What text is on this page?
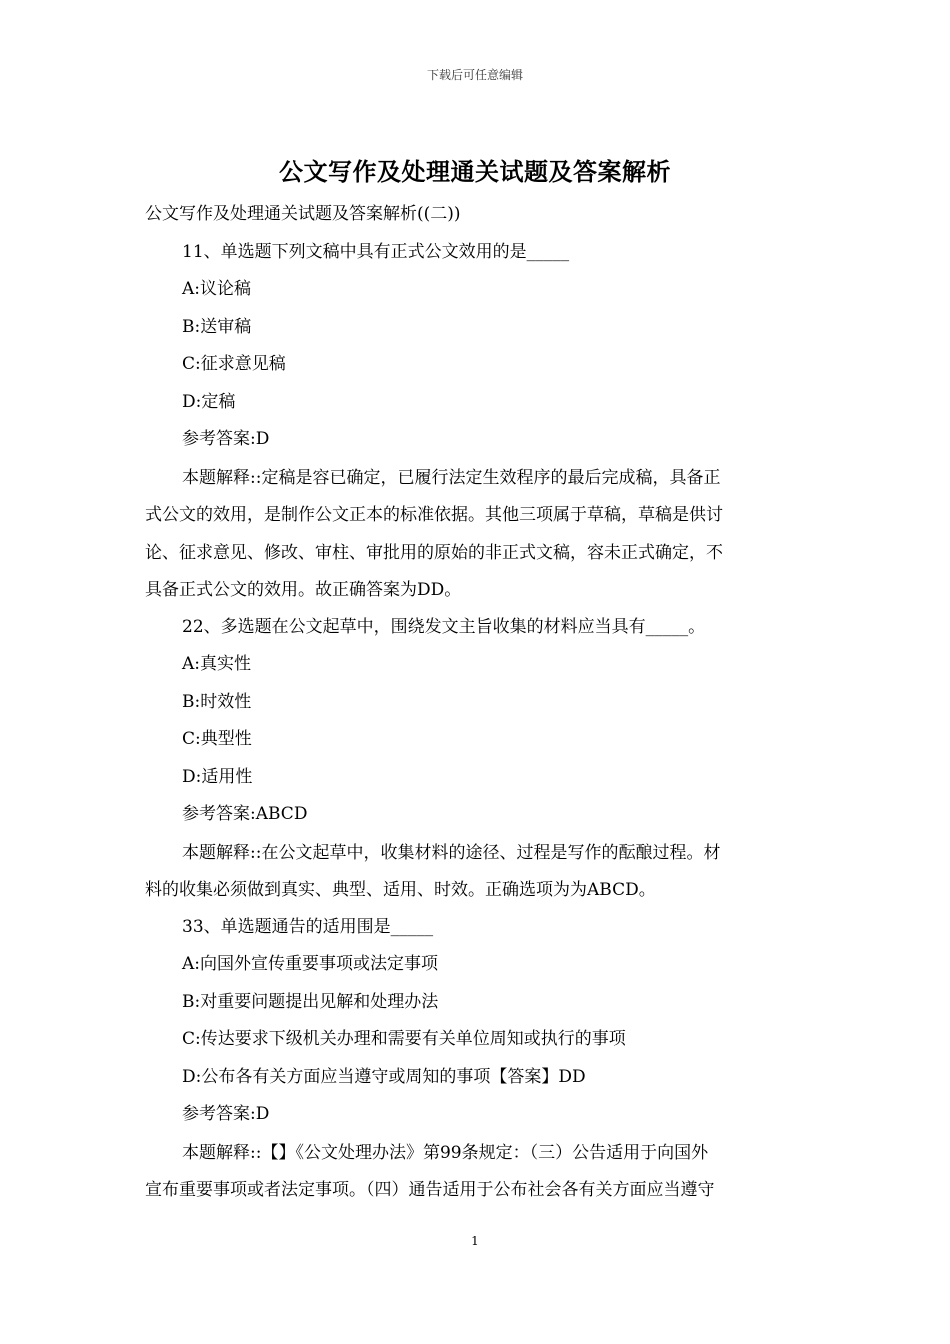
下载后可任意编辑
公文写作及处理通关试题及答案解析
公文写作及处理通关试题及答案解析((二))
11、单选题下列文稿中具有正式公文效用的是_____
A:议论稿
B:送审稿
C:征求意见稿
D:定稿
参考答案:D
本题解释::定稿是容已确定，已履行法定生效程序的最后完成稿，具备正
式公文的效用，是制作公文正本的标准依据。其他三项属于草稿，草稿是供讨
论、征求意见、修改、审柱、审批用的原始的非正式文稿，容未正式确定，不
具备正式公文的效用。故正确答案为DD。
22、多选题在公文起草中，围绕发文主旨收集的材料应当具有_____。
A:真实性
B:时效性
C:典型性
D:适用性
参考答案:ABCD
本题解释::在公文起草中，收集材料的途径、过程是写作的酝酿过程。材
料的收集必须做到真实、典型、适用、时效。正确选项为为ABCD。
33、单选题通告的适用围是_____
A:向国外宣传重要事项或法定事项
B:对重要问题提出见解和处理办法
C:传达要求下级机关办理和需要有关单位周知或执行的事项
D:公布各有关方面应当遵守或周知的事项【答案】DD
参考答案:D
本题解释::【】《公文处理办法》第99条规定：（三）公告适用于向国外
宣布重要事项或者法定事项。（四）通告适用于公布社会各有关方面应当遵守
1
